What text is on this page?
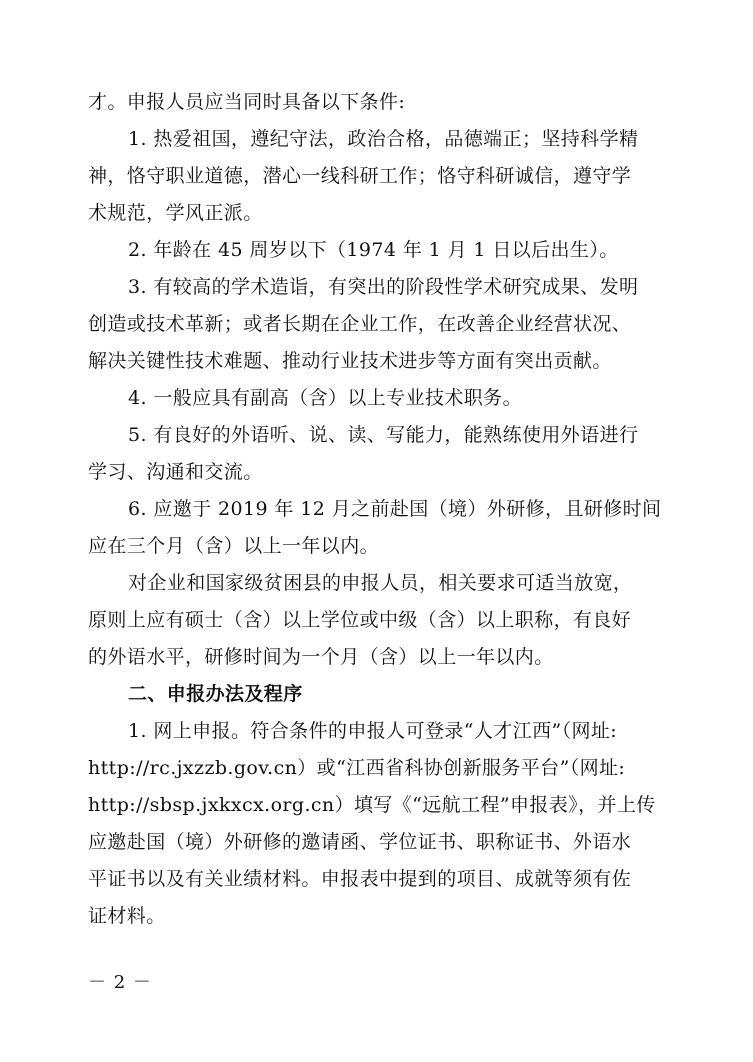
才。申报人员应当同时具备以下条件:
1. 热爱祖国，遵纪守法，政治合格，品德端正；坚持科学精
神，恪守职业道德，潜心一线科研工作；恪守科研诚信，遵守学
术规范，学风正派。
2. 年龄在 45 周岁以下（1974 年 1 月 1 日以后出生）。
3. 有较高的学术造诣，有突出的阶段性学术研究成果、发明
创造或技术革新；或者长期在企业工作，在改善企业经营状况、
解决关键性技术难题、推动行业技术进步等方面有突出贡献。
4. 一般应具有副高（含）以上专业技术职务。
5. 有良好的外语听、说、读、写能力，能熟练使用外语进行
学习、沟通和交流。
6. 应邀于 2019 年 12 月之前赴国（境）外研修，且研修时间
应在三个月（含）以上一年以内。
对企业和国家级贫困县的申报人员，相关要求可适当放宽，
原则上应有硕士（含）以上学位或中级（含）以上职称，有良好
的外语水平，研修时间为一个月（含）以上一年以内。
二、申报办法及程序
1. 网上申报。符合条件的申报人可登录“人才江西”（网址:
http://rc.jxzzb.gov.cn）或“江西省科协创新服务平台”（网址:
http://sbsp.jxkxcx.org.cn）填写《“远航工程”申报表》，并上传
应邀赴国（境）外研修的邀请函、学位证书、职称证书、外语水
平证书以及有关业绩材料。申报表中提到的项目、成就等须有佐
证材料。
－ 2 －
